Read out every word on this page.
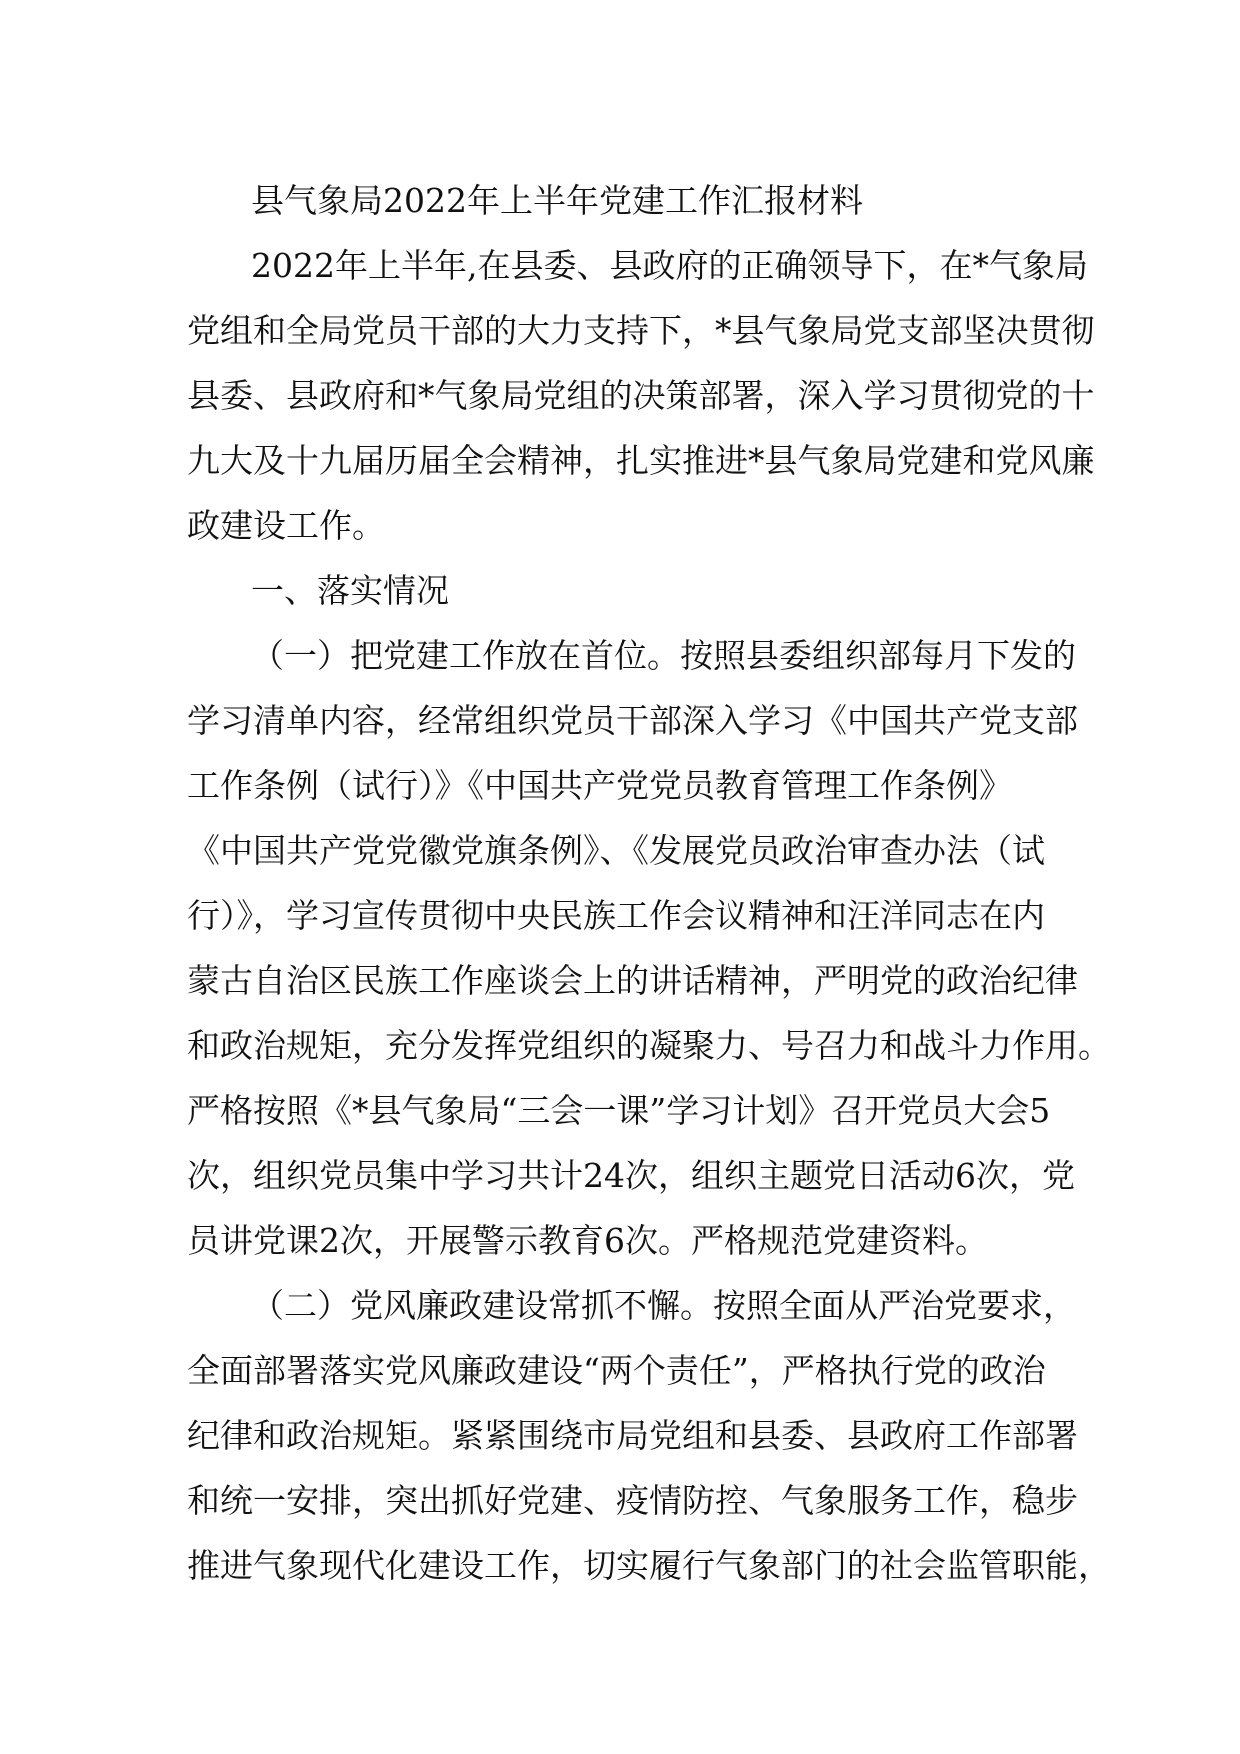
县气象局2022年上半年党建工作汇报材料
2022年上半年,在县委、县政府的正确领导下，在*气象局
党组和全局党员干部的大力支持下，*县气象局党支部坚决贯彻
县委、县政府和*气象局党组的决策部署，深入学习贯彻党的十
九大及十九届历届全会精神，扎实推进*县气象局党建和党风廉
政建设工作。
一、落实情况
（一）把党建工作放在首位。按照县委组织部每月下发的
学习清单内容，经常组织党员干部深入学习《中国共产党支部
工作条例（试行）》《中国共产党党员教育管理工作条例》
《中国共产党党徽党旗条例》、《发展党员政治审查办法（试
行）》，学习宣传贯彻中央民族工作会议精神和汪洋同志在内
蒙古自治区民族工作座谈会上的讲话精神，严明党的政治纪律
和政治规矩，充分发挥党组织的凝聚力、号召力和战斗力作用。
严格按照《*县气象局“三会一课”学习计划》召开党员大会5
次，组织党员集中学习共计24次，组织主题党日活动6次，党
员讲党课2次，开展警示教育6次。严格规范党建资料。
（二）党风廉政建设常抓不懈。按照全面从严治党要求，
全面部署落实党风廉政建设“两个责任”，严格执行党的政治
纪律和政治规矩。紧紧围绕市局党组和县委、县政府工作部署
和统一安排，突出抓好党建、疫情防控、气象服务工作，稳步
推进气象现代化建设工作，切实履行气象部门的社会监管职能，
